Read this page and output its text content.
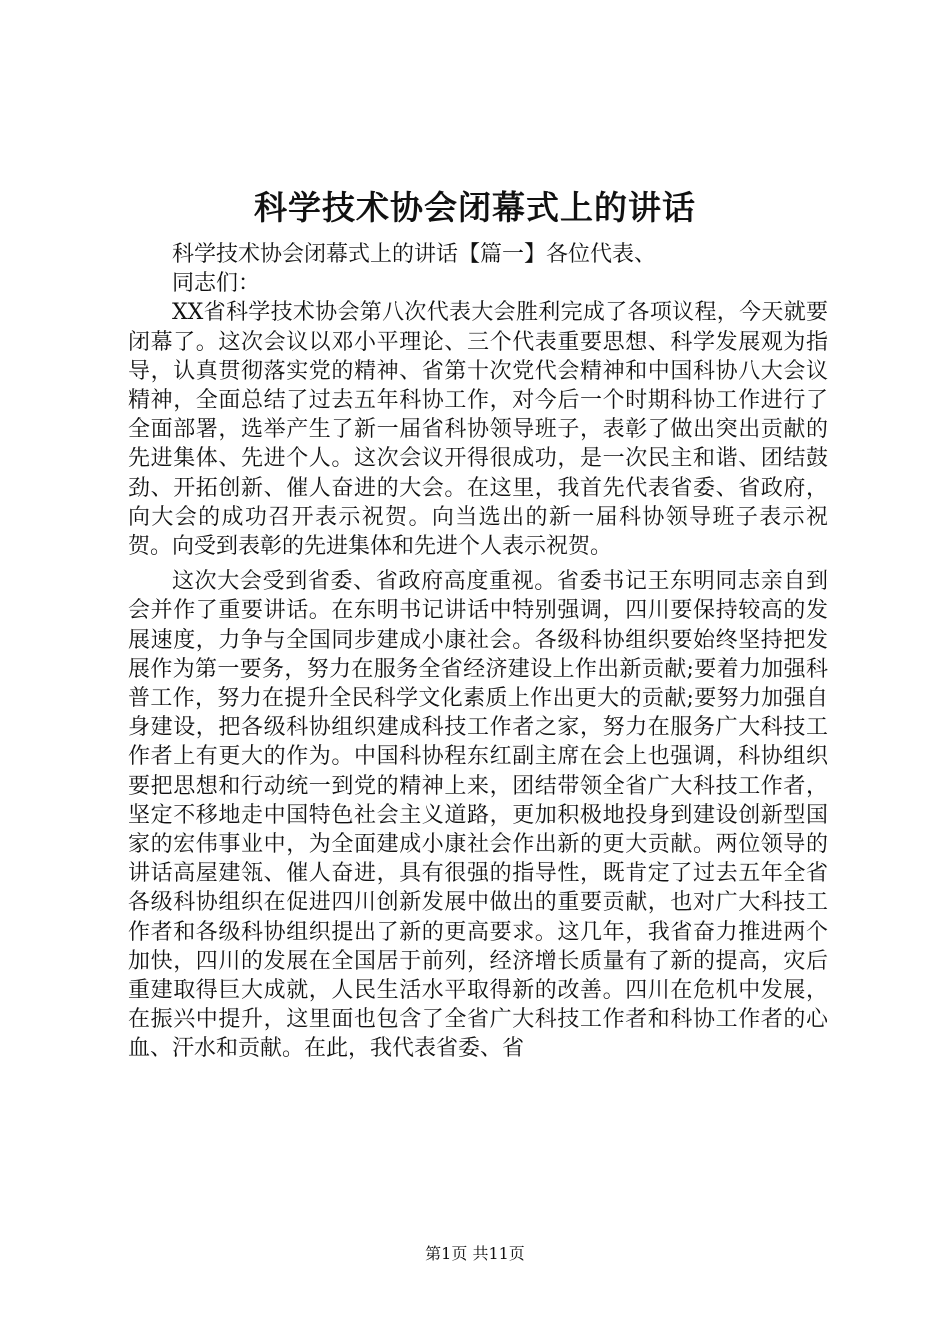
科学技术协会闭幕式上的讲话

科学技术协会闭幕式上的讲话【篇一】各位代表、

同志们：

XX省科学技术协会第八次代表大会胜利完成了各项议程，今天就要闭幕了。这次会议以邓小平理论、三个代表重要思想、科学发展观为指导，认真贯彻落实党的精神、省第十次党代会精神和中国科协八大会议精神，全面总结了过去五年科协工作，对今后一个时期科协工作进行了全面部署，选举产生了新一届省科协领导班子，表彰了做出突出贡献的先进集体、先进个人。这次会议开得很成功，是一次民主和谐、团结鼓劲、开拓创新、催人奋进的大会。在这里，我首先代表省委、省政府，向大会的成功召开表示祝贺。向当选出的新一届科协领导班子表示祝贺。向受到表彰的先进集体和先进个人表示祝贺。

这次大会受到省委、省政府高度重视。省委书记王东明同志亲自到会并作了重要讲话。在东明书记讲话中特别强调，四川要保持较高的发展速度，力争与全国同步建成小康社会。各级科协组织要始终坚持把发展作为第一要务，努力在服务全省经济建设上作出新贡献;要着力加强科普工作，努力在提升全民科学文化素质上作出更大的贡献;要努力加强自身建设，把各级科协组织建成科技工作者之家，努力在服务广大科技工作者上有更大的作为。中国科协程东红副主席在会上也强调，科协组织要把思想和行动统一到党的精神上来，团结带领全省广大科技工作者，坚定不移地走中国特色社会主义道路，更加积极地投身到建设创新型国家的宏伟事业中，为全面建成小康社会作出新的更大贡献。两位领导的讲话高屋建瓴、催人奋进，具有很强的指导性，既肯定了过去五年全省各级科协组织在促进四川创新发展中做出的重要贡献，也对广大科技工作者和各级科协组织提出了新的更高要求。这几年，我省奋力推进两个加快，四川的发展在全国居于前列，经济增长质量有了新的提高，灾后重建取得巨大成就，人民生活水平取得新的改善。四川在危机中发展，在振兴中提升，这里面也包含了全省广大科技工作者和科协工作者的心血、汗水和贡献。在此，我代表省委、省

第1页 共11页
